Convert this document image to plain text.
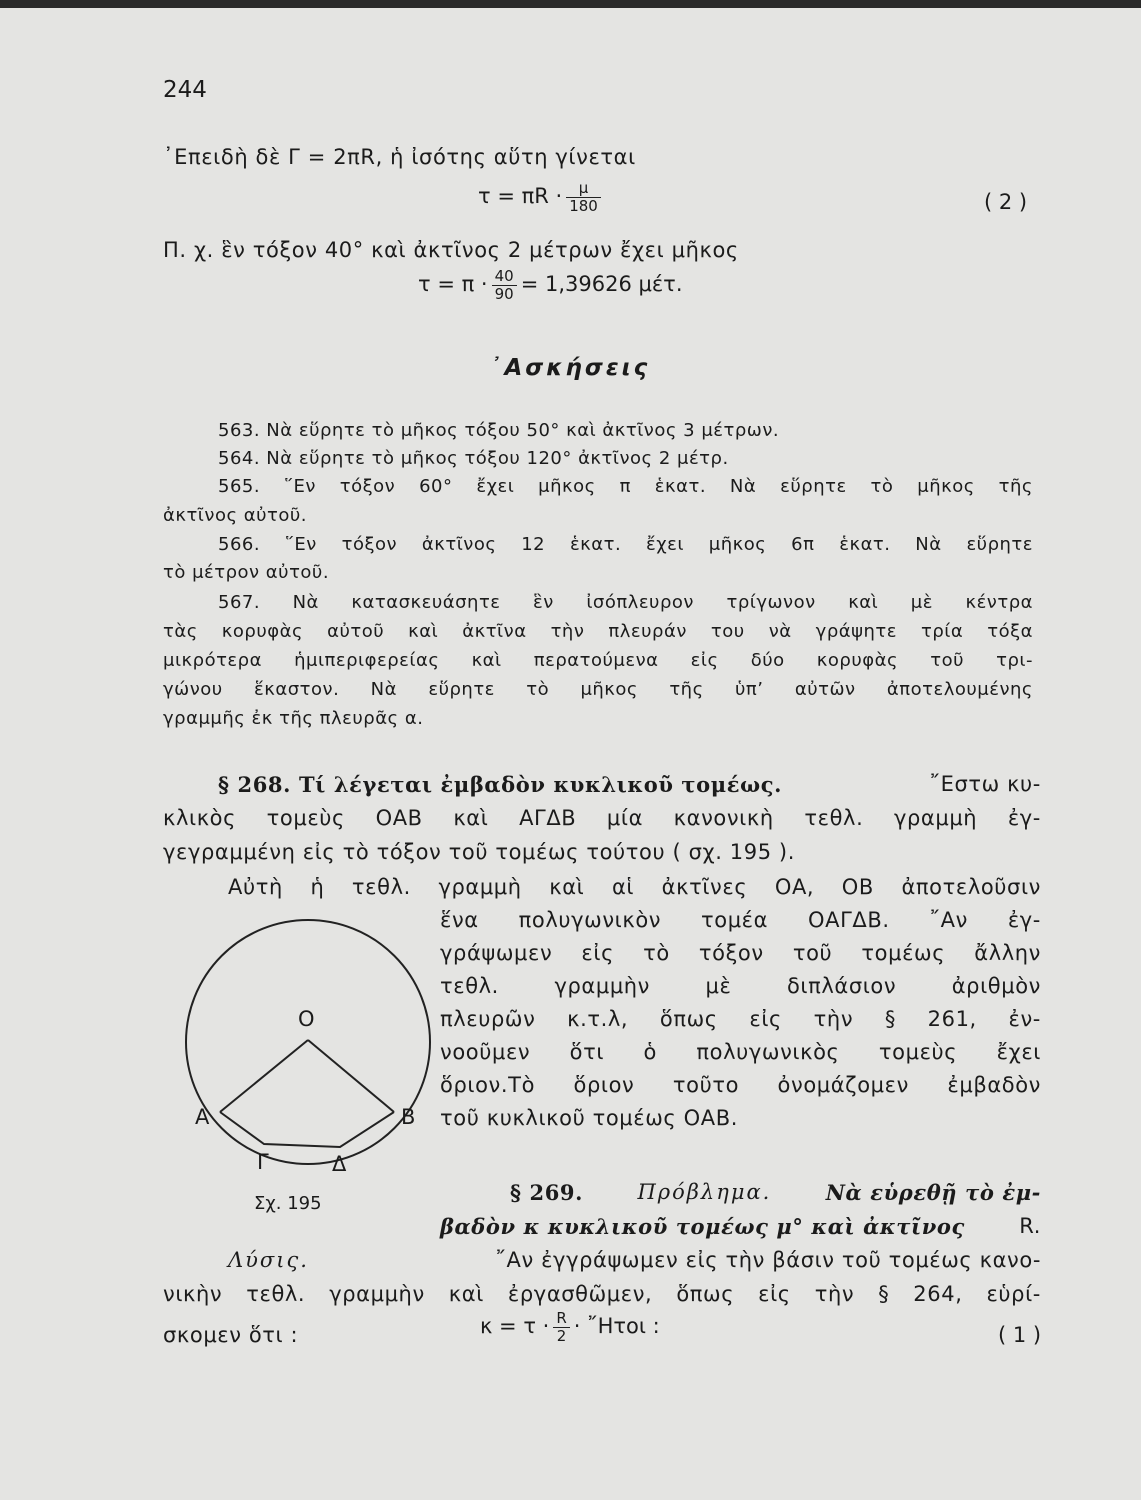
244
᾿Επειδὴ δὲ Γ = 2πR, ἡ ἰσότης αὕτη γίνεται
$\tau = \pi R \cdot \frac{\mu}{180}$	( 2 )
Π. χ. ἓν τόξον 40° καὶ ἀκτῖνος 2 μέτρων ἔχει μῆκος
$\tau = \pi \cdot \frac{40}{90} = 1,39626$ μέτ.
᾿Ασκήσεις
563. Νὰ εὕρητε τὸ μῆκος τόξου 50° καὶ ἀκτῖνος 3 μέτρων.
564. Νὰ εὕρητε τὸ μῆκος τόξου 120° ἀκτῖνος 2 μέτρ.
565. ῞Εν τόξον 60° ἔχει μῆκος π ἑκατ. Νὰ εὕρητε τὸ μῆκος τῆς
ἀκτῖνος αὐτοῦ.
566. ῞Εν τόξον ἀκτῖνος 12 ἑκατ. ἔχει μῆκος 6π ἑκατ. Νὰ εὕρητε
τὸ μέτρον αὐτοῦ.
567. Νὰ κατασκευάσητε ἓν ἰσόπλευρον τρίγωνον καὶ μὲ κέντρα
τὰς κορυφὰς αὐτοῦ καὶ ἀκτῖνα τὴν πλευράν του νὰ γράψητε τρία τόξα
μικρότερα ἡμιπεριφερείας καὶ περατούμενα εἰς δύο κορυφὰς τοῦ τρι-
γώνου ἕκαστον. Νὰ εὕρητε τὸ μῆκος τῆς ὑπ’ αὐτῶν ἀποτελουμένης
γραμμῆς ἐκ τῆς πλευρᾶς α.
§ 268. Τί λέγεται ἐμβαδὸν κυκλικοῦ τομέως.	῎Εστω κυ-
κλικὸς τομεὺς ΟΑΒ καὶ ΑΓΔΒ μία κανονικὴ τεθλ. γραμμὴ ἐγ-
γεγραμμένη εἰς τὸ τόξον τοῦ τομέως τούτου ( σχ. 195 ).
Αὐτὴ ἡ τεθλ. γραμμὴ καὶ αἱ ἀκτῖνες ΟΑ, ΟΒ ἀποτελοῦσιν
ἕνα πολυγωνικὸν τομέα ΟΑΓΔΒ. ῎Αν ἐγ-
γράψωμεν εἰς τὸ τόξον τοῦ τομέως ἄλλην
τεθλ. γραμμὴν μὲ διπλάσιον ἀριθμὸν
πλευρῶν κ.τ.λ, ὅπως εἰς τὴν § 261, ἐν-
νοοῦμεν ὅτι ὁ πολυγωνικὸς τομεὺς ἔχει
ὅριον.Τὸ ὅριον τοῦτο ὀνομάζομεν ἐμβαδὸν
τοῦ κυκλικοῦ τομέως ΟΑΒ.
O
A	B
Γ	Δ
Σχ. 195	§ 269.	Πρόβλημα.	Νὰ εὑρεθῇ τὸ ἐμ-
βαδὸν κ κυκλικοῦ τομέως μ° καὶ ἀκτῖνος	R.
Λύσις.	῎Αν ἐγγράψωμεν εἰς τὴν βάσιν τοῦ τομέως κανο-
νικὴν τεθλ. γραμμὴν καὶ ἐργασθῶμεν, ὅπως εἰς τὴν § 264, εὑρί-
σκομεν ὅτι :	$\kappa = \tau \cdot \frac{R}{2}$ · ῎Ητοι :	( 1 )
